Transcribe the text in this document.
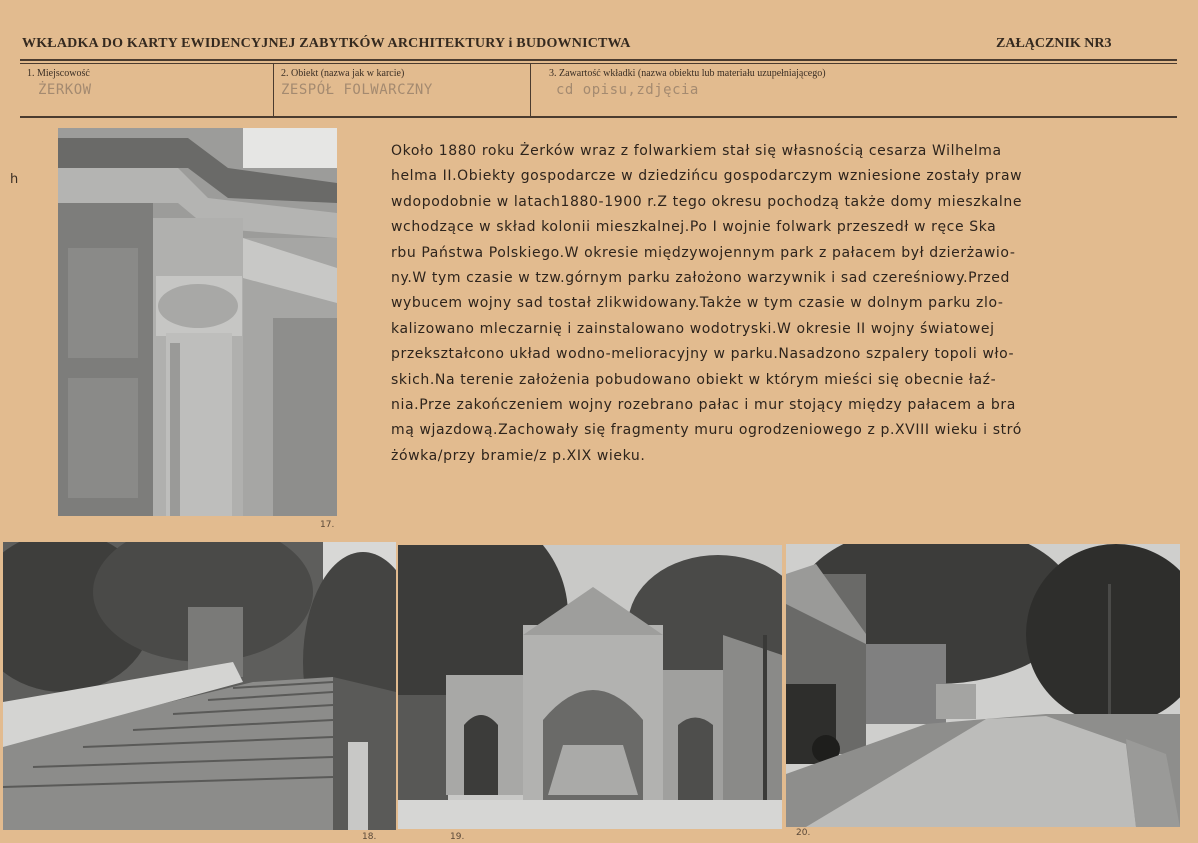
WKŁADKA DO KARTY EWIDENCYJNEJ ZABYTKÓW ARCHITEKTURY i BUDOWNICTWA	ZAŁĄCZNIK NR3
1. Miejscowość
ŻERKOW
2. Obiekt (nazwa jak w karcie)
ZESPÓŁ FOLWARCZNY
3. Zawartość wkładki (nazwa obiektu lub materiału uzupełniającego)
cd opisu,zdjęcia
h
Około 1880 roku Żerków wraz z folwarkiem stał się własnością cesarza Wilhelma
helma II.Obiekty gospodarcze w dziedzińcu gospodarczym wzniesione zostały praw
wdopodobnie w latach1880-1900 r.Z tego okresu pochodzą także domy mieszkalne
wchodzące w skład kolonii mieszkalnej.Po I wojnie folwark przeszedł w ręce Ska
rbu Państwa Polskiego.W okresie międzywojennym park z pałacem był dzierżawio-
ny.W tym czasie w tzw.górnym parku założono warzywnik i sad czereśniowy.Przed
wybucem wojny sad tostał zlikwidowany.Także w tym czasie w dolnym parku zlo-
kalizowano mleczarnię i zainstalowano wodotryski.W okresie II wojny światowej
przekształcono układ wodno-melioracyjny w parku.Nasadzono szpalery topoli wło-
skich.Na terenie założenia pobudowano obiekt w którym mieści się obecnie łaź-
nia.Prze zakończeniem wojny rozebrano pałac i mur stojący między pałacem a bra
mą wjazdową.Zachowały się fragmenty muru ogrodzeniowego z p.XVIII wieku i stró
żówka/przy bramie/z p.XIX wieku.
17.
18.	19.	20.
